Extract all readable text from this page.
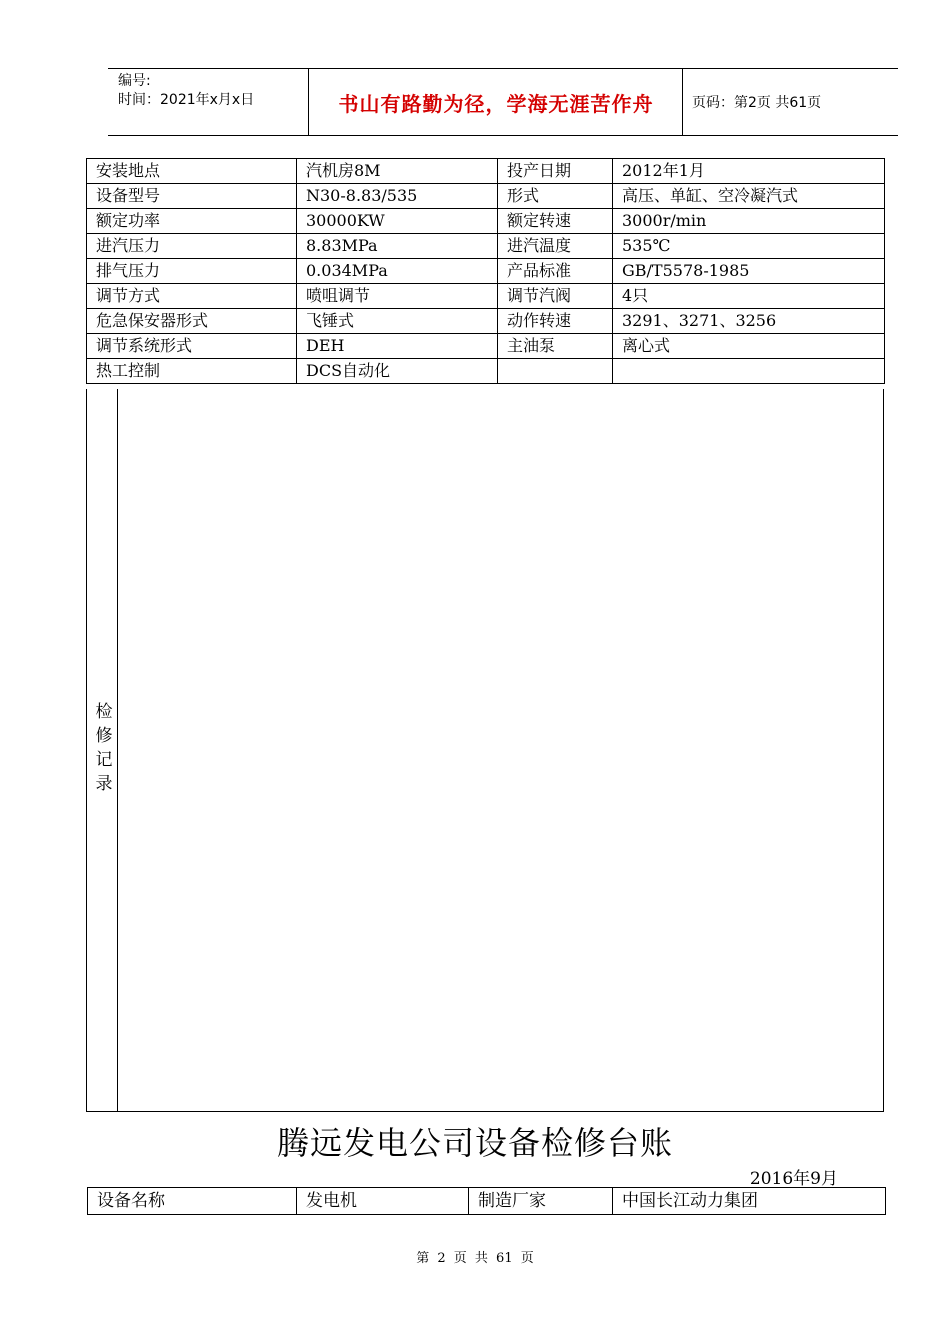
编号:
时间：2021年x月x日	书山有路勤为径，学海无涯苦作舟	页码：第2页 共61页
安装地点	汽机房8M	投产日期	2012年1月
设备型号	N30-8.83/535	形式	高压、单缸、空冷凝汽式
额定功率	30000KW	额定转速	3000r/min
进汽压力	8.83MPa	进汽温度	535℃
排气压力	0.034MPa	产品标准	GB/T5578-1985
调节方式	喷咀调节	调节汽阀	4只
危急保安器形式	飞锤式	动作转速	3291、3271、3256
调节系统形式	DEH	主油泵	离心式
热工控制	DCS自动化		
检修记录
腾远发电公司设备检修台账
2016年9月
设备名称	发电机	制造厂家	中国长江动力集团
第 2 页 共 61 页
